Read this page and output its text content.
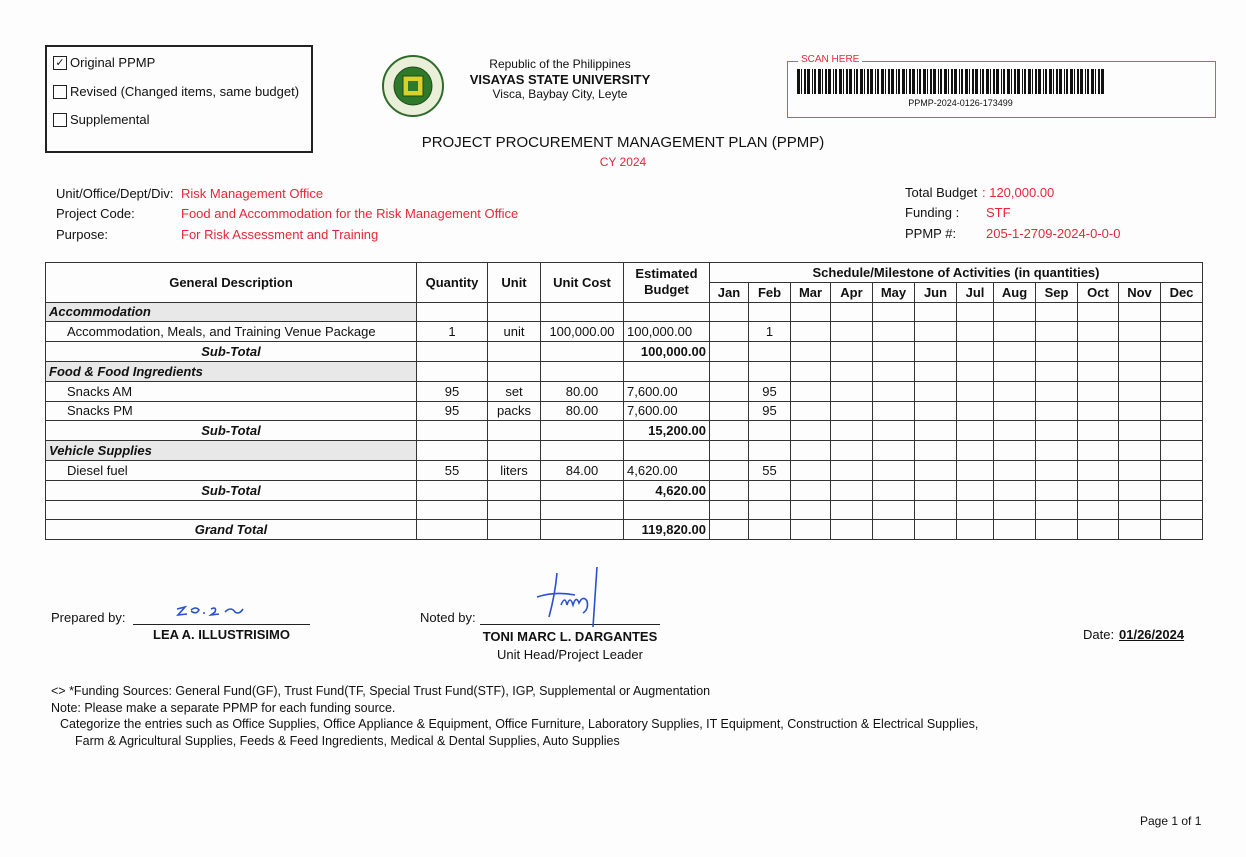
✓ Original PPMP
Revised (Changed items, same budget)
Supplemental
Republic of the Philippines
VISAYAS STATE UNIVERSITY
Visca, Baybay City, Leyte
SCAN HERE
PPMP-2024-0126-173499
PROJECT PROCUREMENT MANAGEMENT PLAN (PPMP)
CY 2024
Unit/Office/Dept/Div: Risk Management Office
Project Code:	Food and Accommodation for the Risk Management Office
Purpose:	For Risk Assessment and Training
Total Budget : 120,000.00
Funding : STF
PPMP #: 205-1-2709-2024-0-0-0
General Description	Quantity	Unit	Unit Cost	Estimated Budget	Schedule/Milestone of Activities (in quantities)											
					Jan	Feb	Mar	Apr	May	Jun	Jul	Aug	Sep	Oct	Nov	Dec
Accommodation																
Accommodation, Meals, and Training Venue Package	1	unit	100,000.00	100,000.00		1										
Sub-Total				100,000.00												
Food & Food Ingredients																
Snacks AM	95	set	80.00	7,600.00		95										
Snacks PM	95	packs	80.00	7,600.00		95										
Sub-Total				15,200.00												
Vehicle Supplies																
Diesel fuel	55	liters	84.00	4,620.00		55										
Sub-Total				4,620.00												

Grand Total				119,820.00												
Prepared by:
LEA A. ILLUSTRISIMO
Noted by:
TONI MARC L. DARGANTES
Unit Head/Project Leader
Date: 01/26/2024
<> *Funding Sources: General Fund(GF), Trust Fund(TF, Special Trust Fund(STF), IGP, Supplemental or Augmentation
Note: Please make a separate PPMP for each funding source.
Categorize the entries such as Office Supplies, Office Appliance & Equipment, Office Furniture, Laboratory Supplies, IT Equipment, Construction & Electrical Supplies,
Farm & Agricultural Supplies, Feeds & Feed Ingredients, Medical & Dental Supplies, Auto Supplies
Page 1 of 1
